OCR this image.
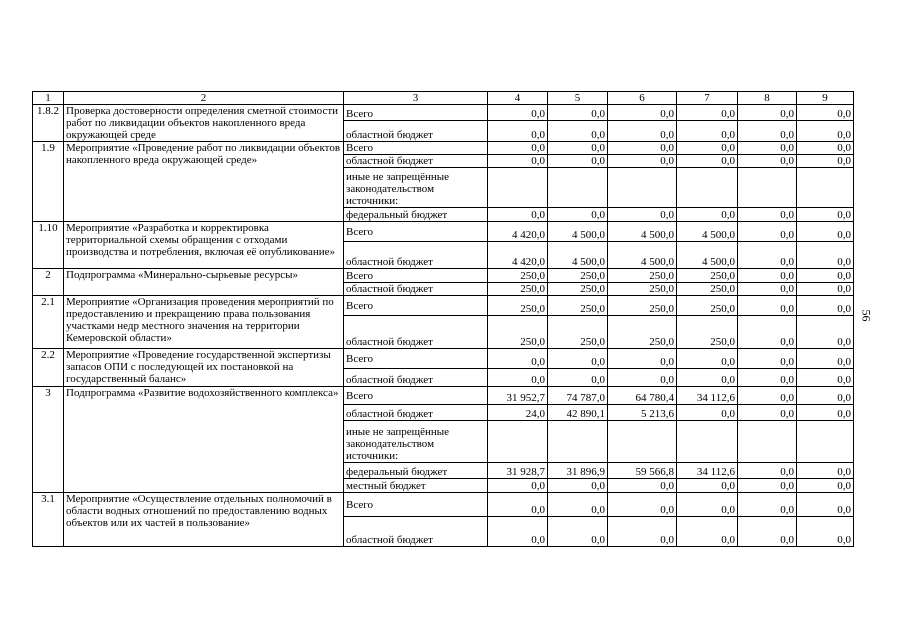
1	2	3	4	5	6	7	8	9
1.8.2	Проверка достоверности определения сметной стоимости работ по ликвидации объектов накопленного вреда окружающей среде	Всего	0,0	0,0	0,0	0,0	0,0	0,0
		областной бюджет	0,0	0,0	0,0	0,0	0,0	0,0
1.9	Мероприятие «Проведение работ по ликвидации объектов накопленного вреда окружающей среде»	Всего	0,0	0,0	0,0	0,0	0,0	0,0
		областной бюджет	0,0	0,0	0,0	0,0	0,0	0,0
		иные не запрещённые законодательством источники:						
		федеральный бюджет	0,0	0,0	0,0	0,0	0,0	0,0
1.10	Мероприятие «Разработка и корректировка территориальной схемы обращения с отходами производства и потребления, включая её опубликование»	Всего	4 420,0	4 500,0	4 500,0	4 500,0	0,0	0,0
		областной бюджет	4 420,0	4 500,0	4 500,0	4 500,0	0,0	0,0
2	Подпрограмма «Минерально-сырьевые ресурсы»	Всего	250,0	250,0	250,0	250,0	0,0	0,0
		областной бюджет	250,0	250,0	250,0	250,0	0,0	0,0
2.1	Мероприятие «Организация проведения мероприятий по предоставлению и прекращению права пользования участками недр местного значения на территории Кемеровской области»	Всего	250,0	250,0	250,0	250,0	0,0	0,0
		областной бюджет	250,0	250,0	250,0	250,0	0,0	0,0
2.2	Мероприятие «Проведение государственной экспертизы запасов ОПИ с последующей их постановкой на государственный баланс»	Всего	0,0	0,0	0,0	0,0	0,0	0,0
		областной бюджет	0,0	0,0	0,0	0,0	0,0	0,0
3	Подпрограмма «Развитие водохозяйственного комплекса»	Всего	31 952,7	74 787,0	64 780,4	34 112,6	0,0	0,0
		областной бюджет	24,0	42 890,1	5 213,6	0,0	0,0	0,0
		иные не запрещённые законодательством источники:						
		федеральный бюджет	31 928,7	31 896,9	59 566,8	34 112,6	0,0	0,0
		местный бюджет	0,0	0,0	0,0	0,0	0,0	0,0
3.1	Мероприятие «Осуществление отдельных полномочий в области водных отношений по предоставлению водных объектов или их частей в пользование»	Всего	0,0	0,0	0,0	0,0	0,0	0,0
		областной бюджет	0,0	0,0	0,0	0,0	0,0	0,0
56
